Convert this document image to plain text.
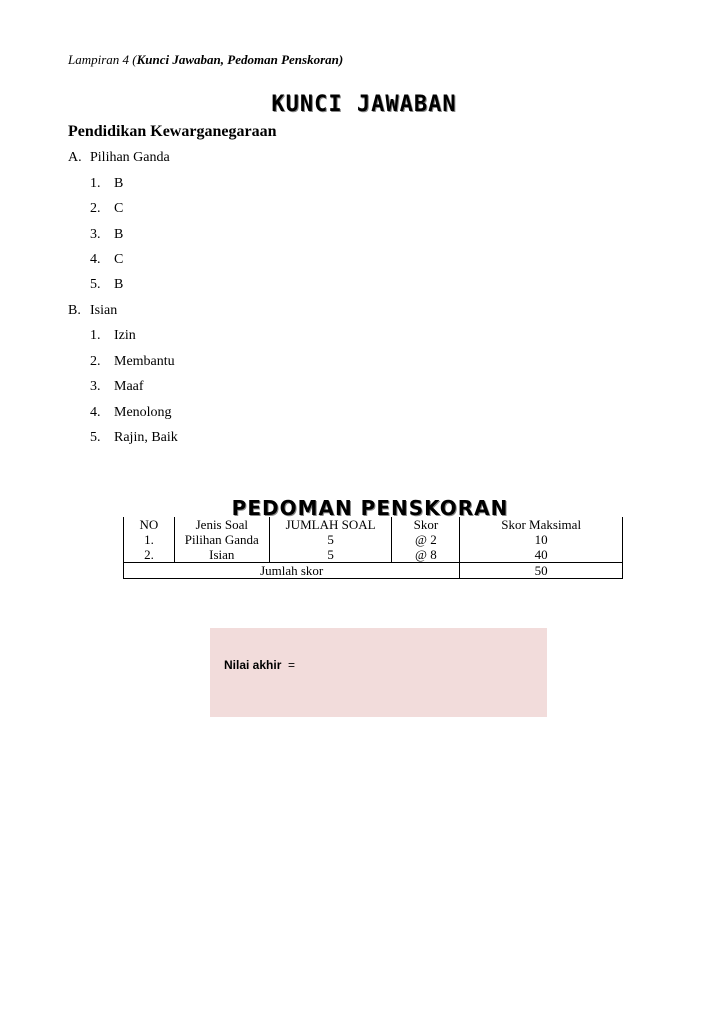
Lampiran 4 (Kunci Jawaban, Pedoman Penskoran)
KUNCI JAWABAN
Pendidikan Kewarganegaraan
A. Pilihan Ganda
1. B
2. C
3. B
4. C
5. B
B. Isian
1. Izin
2. Membantu
3. Maaf
4. Menolong
5. Rajin, Baik
PEDOMAN PENSKORAN
NO	Jenis Soal	JUMLAH SOAL	Skor	Skor Maksimal
1.	Pilihan Ganda	5	@ 2	10
2.	Isian	5	@ 8	40
Jumlah skor				50
Nilai akhir =
